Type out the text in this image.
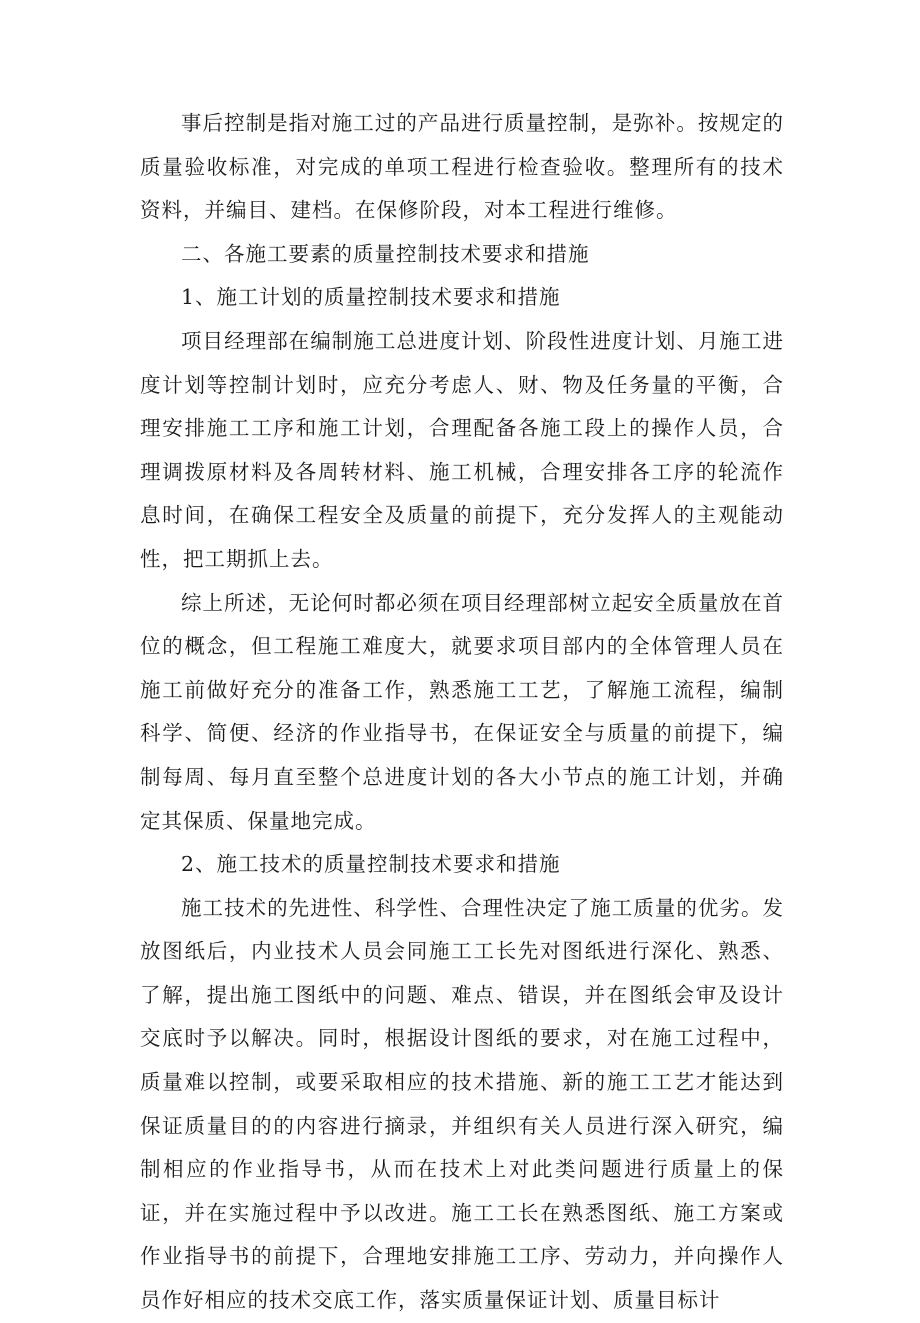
事后控制是指对施工过的产品进行质量控制，是弥补。按规定的质量验收标准，对完成的单项工程进行检查验收。整理所有的技术资料，并编目、建档。在保修阶段，对本工程进行维修。

二、各施工要素的质量控制技术要求和措施

1、施工计划的质量控制技术要求和措施

项目经理部在编制施工总进度计划、阶段性进度计划、月施工进度计划等控制计划时，应充分考虑人、财、物及任务量的平衡，合理安排施工工序和施工计划，合理配备各施工段上的操作人员，合理调拨原材料及各周转材料、施工机械，合理安排各工序的轮流作息时间，在确保工程安全及质量的前提下，充分发挥人的主观能动性，把工期抓上去。

综上所述，无论何时都必须在项目经理部树立起安全质量放在首位的概念，但工程施工难度大，就要求项目部内的全体管理人员在施工前做好充分的准备工作，熟悉施工工艺，了解施工流程，编制科学、简便、经济的作业指导书，在保证安全与质量的前提下，编制每周、每月直至整个总进度计划的各大小节点的施工计划，并确定其保质、保量地完成。

2、施工技术的质量控制技术要求和措施

施工技术的先进性、科学性、合理性决定了施工质量的优劣。发放图纸后，内业技术人员会同施工工长先对图纸进行深化、熟悉、了解，提出施工图纸中的问题、难点、错误，并在图纸会审及设计交底时予以解决。同时，根据设计图纸的要求，对在施工过程中，质量难以控制，或要采取相应的技术措施、新的施工工艺才能达到保证质量目的的内容进行摘录，并组织有关人员进行深入研究，编制相应的作业指导书，从而在技术上对此类问题进行质量上的保证，并在实施过程中予以改进。施工工长在熟悉图纸、施工方案或作业指导书的前提下，合理地安排施工工序、劳动力，并向操作人员作好相应的技术交底工作，落实质量保证计划、质量目标计
